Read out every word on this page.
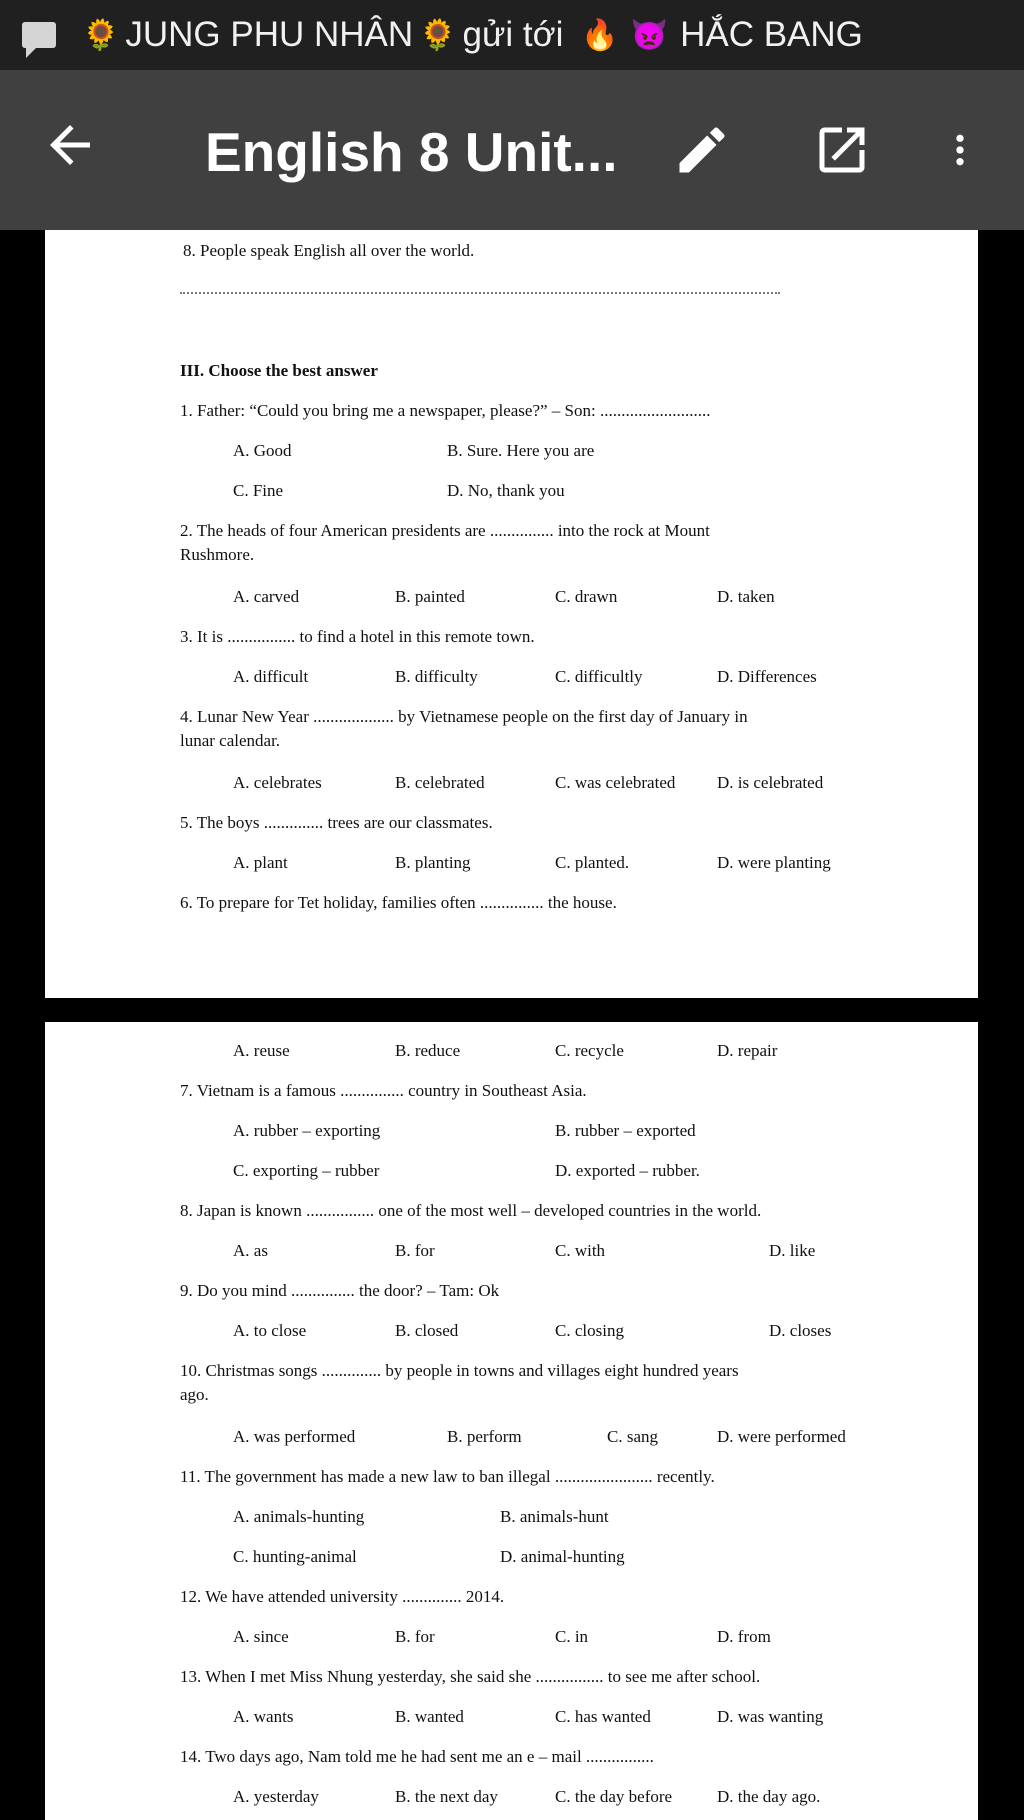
🌻 JUNG PHU NHÂN 🌻 gửi tới 🔥 👿 HẮC BANG
English 8 Unit...
8. People speak English all over the world.
III. Choose the best answer
1. Father: “Could you bring me a newspaper, please?” – Son: ..........................
A. Good	B. Sure. Here you are
C. Fine	D. No, thank you
2. The heads of four American presidents are ............... into the rock at Mount
Rushmore.
A. carved	B. painted	C. drawn	D. taken
3. It is ................ to find a hotel in this remote town.
A. difficult	B. difficulty	C. difficultly	D. Differences
4. Lunar New Year ................... by Vietnamese people on the first day of January in
lunar calendar.
A. celebrates	B. celebrated	C. was celebrated D. is celebrated
5. The boys .............. trees are our classmates.
A. plant	B. planting	C. planted.	D. were planting
6. To prepare for Tet holiday, families often ............... the house.
A. reuse	B. reduce	C. recycle	D. repair
7. Vietnam is a famous ............... country in Southeast Asia.
A. rubber – exporting	B. rubber – exported
C. exporting – rubber	D. exported – rubber.
8. Japan is known ................ one of the most well – developed countries in the world.
A. as	B. for	C. with	D. like
9. Do you mind ............... the door? – Tam: Ok
A. to close	B. closed	C. closing	D. closes
10. Christmas songs .............. by people in towns and villages eight hundred years
ago.
A. was performed	B. perform	C. sang	D. were performed
11. The government has made a new law to ban illegal ....................... recently.
A. animals-hunting	B. animals-hunt
C. hunting-animal	D. animal-hunting
12. We have attended university .............. 2014.
A. since	B. for	C. in	D. from
13. When I met Miss Nhung yesterday, she said she ................ to see me after school.
A. wants	B. wanted	C. has wanted	D. was wanting
14. Two days ago, Nam told me he had sent me an e – mail ................
A. yesterday	B. the next day	C. the day before	D. the day ago.
